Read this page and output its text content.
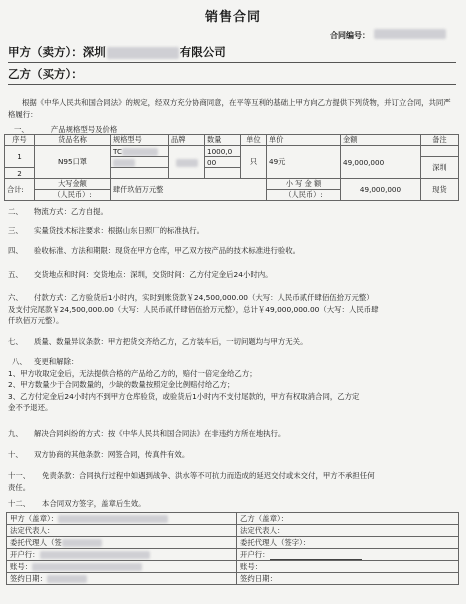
销售合同
合同编号：
甲方（卖方）：深圳	有限公司
乙方（买方）：
根据《中华人民共和国合同法》的规定，经双方充分协商同意，在平等互利的基础上甲方向乙方提供下列货物，并订立合同，共同严格履行：
一、	产品规格型号及价格
序号	货品名称	规格型号	品牌	数量	单位	单价	金额	备注
1	N95口罩	TC		1000,0	只	49元	49,000,000	
				00				深圳
2								
合计:	大写金额	肆仟玖佰万元整				小 写 金 额	49,000,000	现货
	（人民币）:					（人民币）:		
二、 物流方式：乙方自提。
三、 实量货技术标注要求：根据山东日照厂的标准执行。
四、 验收标准、方法和期限：现货在甲方仓库，甲乙双方按产品的技术标准进行验收。
五、 交货地点和时间：交货地点：深圳，交货时间：乙方付定金后24小时内。
六、 付款方式：乙方验货后1小时内，实时到账货款￥24,500,000.00（大写：人民币贰仟肆佰伍拾万元整）
及支付完尾款￥24,500,000.00（大写：人民币贰仟肆佰伍拾万元整），总计￥49,000,000.00（大写：人民币肆
仟玖佰万元整）。
七、 质量、数量异议条款：甲方把货交齐给乙方，乙方装车后，一切问题均与甲方无关。
八、 变更和解除：
1、甲方收取定金后，无法提供合格的产品给乙方的，赔付一倍定金给乙方；
2、甲方数量少于合同数量的，少缺的数量按照定金比例赔付给乙方；
3、乙方付定金后24小时内不到甲方仓库验货，或验货后1小时内不支付尾款的，甲方有权取消合同，乙方定
金不予退还。
九、 解决合同纠纷的方式：按《中华人民共和国合同法》在非违约方所在地执行。
十、 双方协商的其他条款：网签合同，传真件有效。
十一、 免责条款：合同执行过程中如遇到战争、洪水等不可抗力而造成的延迟交付或未交付，甲方不承担任何
责任。
十二、 本合同双方签字，盖章后生效。
甲方（盖章）：	乙方（盖章）：
法定代表人：	法定代表人：
委托代理人（签	委托代理人（签字）：
开户行：	开户行：
账号：	账号：
签约日期：	签约日期：
